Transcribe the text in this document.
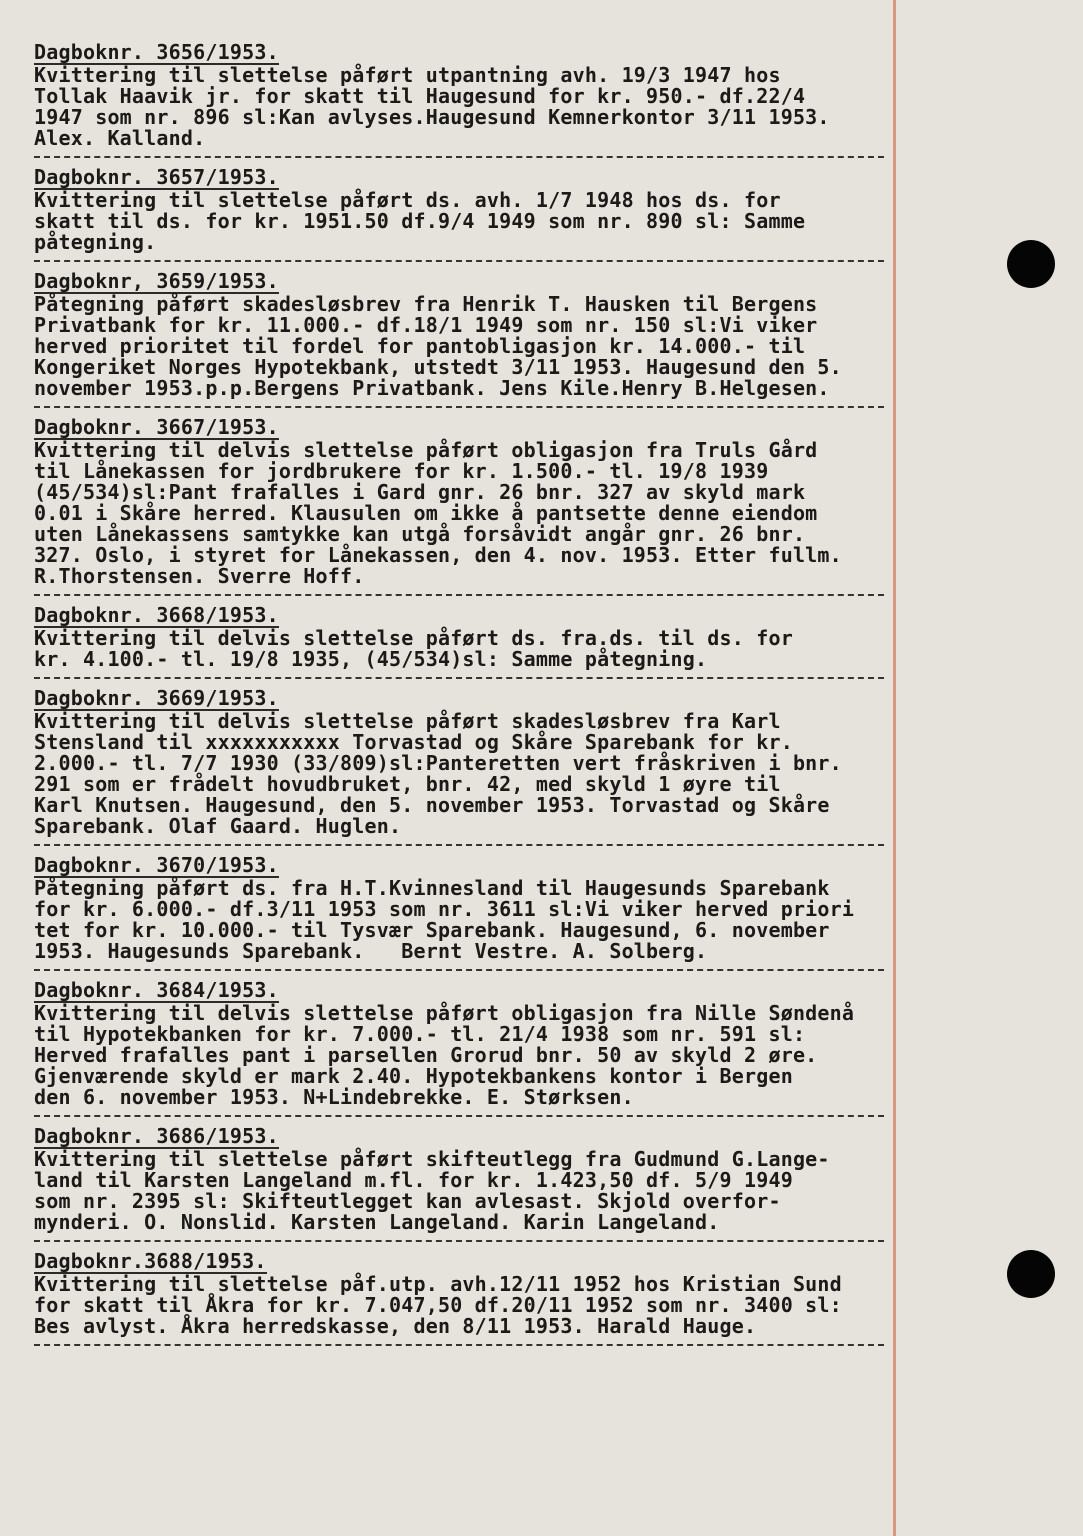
Dagboknr. 3656/1953.
Kvittering til slettelse påført utpantning avh. 19/3 1947 hos
Tollak Haavik jr. for skatt til Haugesund for kr. 950.- df.22/4
1947 som nr. 896 sl:Kan avlyses.Haugesund Kemnerkontor 3/11 1953.
Alex. Kalland.
Dagboknr. 3657/1953.
Kvittering til slettelse påført ds. avh. 1/7 1948 hos ds. for
skatt til ds. for kr. 1951.50 df.9/4 1949 som nr. 890 sl: Samme
påtegning.
Dagboknr, 3659/1953.
Påtegning påført skadesløsbrev fra Henrik T. Hausken til Bergens
Privatbank for kr. 11.000.- df.18/1 1949 som nr. 150 sl:Vi viker
herved prioritet til fordel for pantobligasjon kr. 14.000.- til
Kongeriket Norges Hypotekbank, utstedt 3/11 1953. Haugesund den 5.
november 1953.p.p.Bergens Privatbank. Jens Kile.Henry B.Helgesen.
Dagboknr. 3667/1953.
Kvittering til delvis slettelse påført obligasjon fra Truls Gård
til Lånekassen for jordbrukere for kr. 1.500.- tl. 19/8 1939
(45/534)sl:Pant frafalles i Gard gnr. 26 bnr. 327 av skyld mark
0.01 i Skåre herred. Klausulen om ikke å pantsette denne eiendom
uten Lånekassens samtykke kan utgå forsåvidt angår gnr. 26 bnr.
327. Oslo, i styret for Lånekassen, den 4. nov. 1953. Etter fullm.
R.Thorstensen. Sverre Hoff.
Dagboknr. 3668/1953.
Kvittering til delvis slettelse påført ds. fra.ds. til ds. for
kr. 4.100.- tl. 19/8 1935, (45/534)sl: Samme påtegning.
Dagboknr. 3669/1953.
Kvittering til delvis slettelse påført skadesløsbrev fra Karl
Stensland til xxxxxxxxxxx Torvastad og Skåre Sparebank for kr.
2.000.- tl. 7/7 1930 (33/809)sl:Panteretten vert fråskriven i bnr.
291 som er frådelt hovudbruket, bnr. 42, med skyld 1 øyre til
Karl Knutsen. Haugesund, den 5. november 1953. Torvastad og Skåre
Sparebank. Olaf Gaard. Huglen.
Dagboknr. 3670/1953.
Påtegning påført ds. fra H.T.Kvinnesland til Haugesunds Sparebank
for kr. 6.000.- df.3/11 1953 som nr. 3611 sl:Vi viker herved priori
tet for kr. 10.000.- til Tysvær Sparebank. Haugesund, 6. november
1953. Haugesunds Sparebank.   Bernt Vestre. A. Solberg.
Dagboknr. 3684/1953.
Kvittering til delvis slettelse påført obligasjon fra Nille Søndenå
til Hypotekbanken for kr. 7.000.- tl. 21/4 1938 som nr. 591 sl:
Herved frafalles pant i parsellen Grorud bnr. 50 av skyld 2 øre.
Gjenværende skyld er mark 2.40. Hypotekbankens kontor i Bergen
den 6. november 1953. N+Lindebrekke. E. Størksen.
Dagboknr. 3686/1953.
Kvittering til slettelse påført skifteutlegg fra Gudmund G.Lange-
land til Karsten Langeland m.fl. for kr. 1.423,50 df. 5/9 1949
som nr. 2395 sl: Skifteutlegget kan avlesast. Skjold overfor-
mynderi. O. Nonslid. Karsten Langeland. Karin Langeland.
Dagboknr.3688/1953.
Kvittering til slettelse påf.utp. avh.12/11 1952 hos Kristian Sund
for skatt til Åkra for kr. 7.047,50 df.20/11 1952 som nr. 3400 sl:
Bes avlyst. Åkra herredskasse, den 8/11 1953. Harald Hauge.
